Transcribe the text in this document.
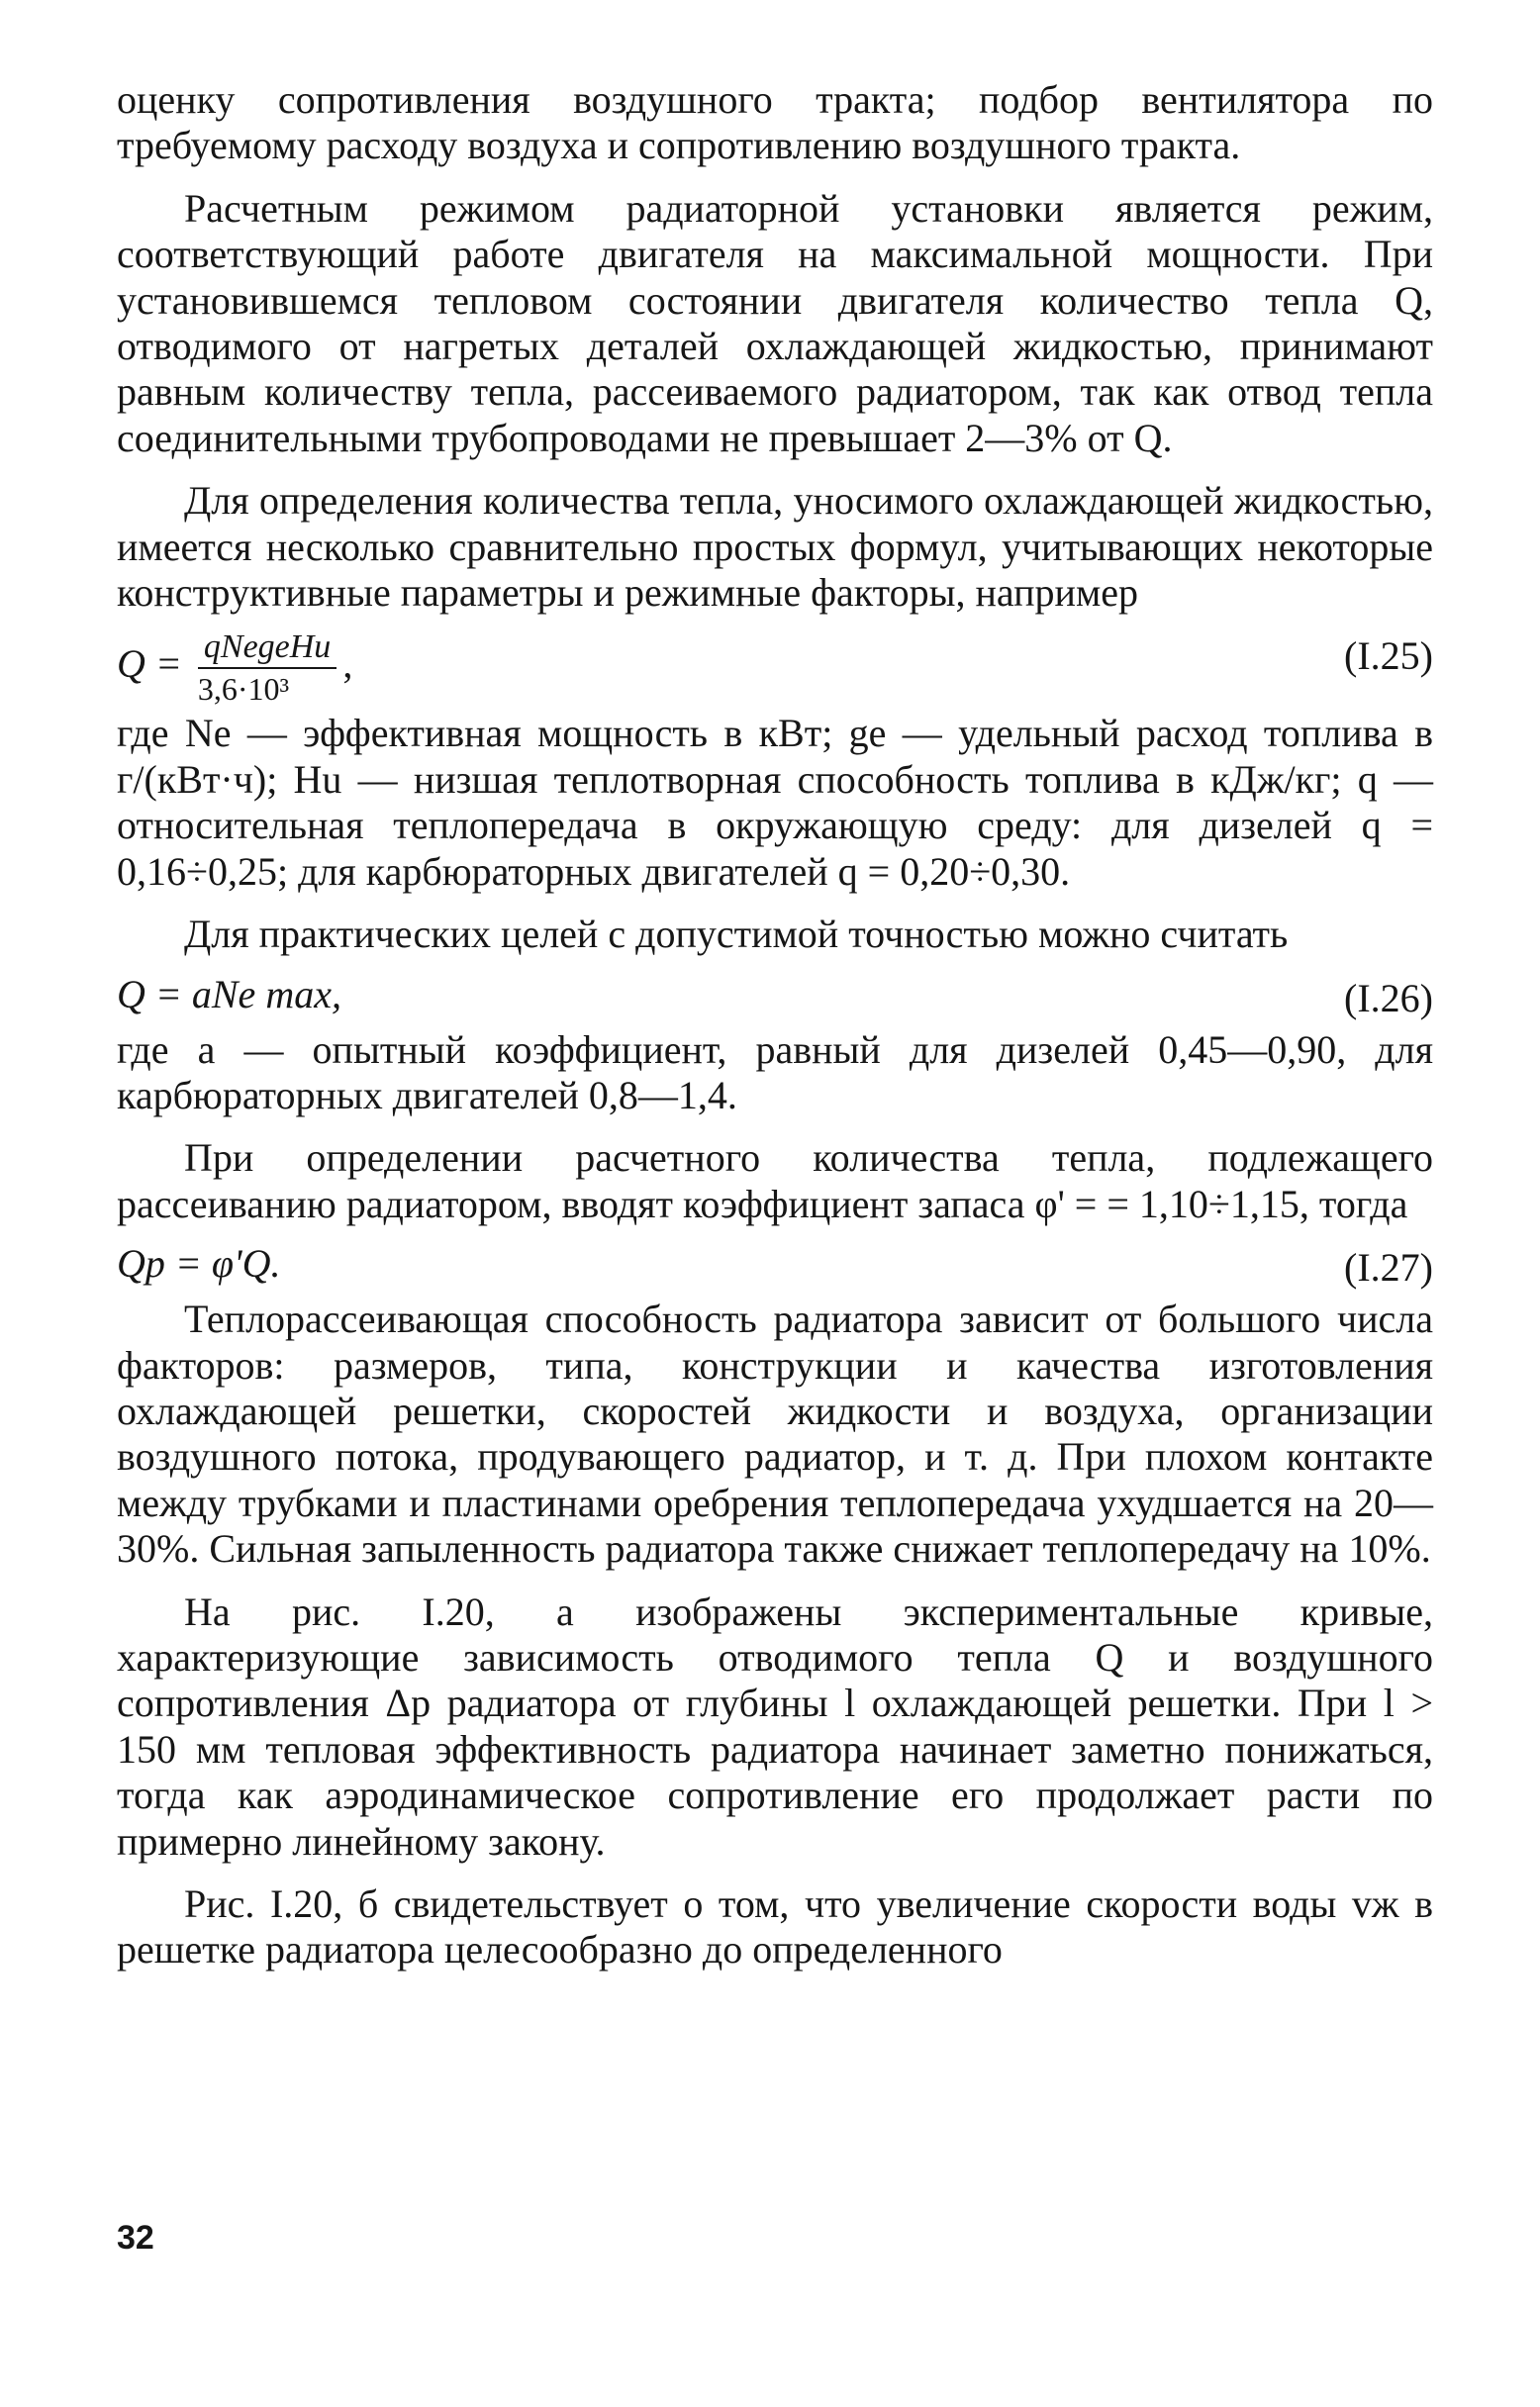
оценку сопротивления воздушного тракта; подбор вентилятора по требуемому расходу воздуха и сопротивлению воздушного тракта.

Расчетным режимом радиаторной установки является режим, соответствующий работе двигателя на максимальной мощности. При установившемся тепловом состоянии двигателя количество тепла Q, отводимого от нагретых деталей охлаждающей жидкостью, принимают равным количеству тепла, рассеиваемого радиатором, так как отвод тепла соединительными трубопроводами не превышает 2—3% от Q.

Для определения количества тепла, уносимого охлаждающей жидкостью, имеется несколько сравнительно простых формул, учитывающих некоторые конструктивные параметры и режимные факторы, например

$Q = \frac{\text{qNegeHu}}{\text{3,6·10³}}$ ,	(I.25)

где Ne — эффективная мощность в кВт; ge — удельный расход топлива в г/(кВт·ч); Hu — низшая теплотворная способность топлива в кДж/кг; q — относительная теплопередача в окружающую среду: для дизелей q = 0,16÷0,25; для карбюраторных двигателей q = 0,20÷0,30.

Для практических целей с допустимой точностью можно считать

Q = aNe max,	(I.26)

где a — опытный коэффициент, равный для дизелей 0,45—0,90, для карбюраторных двигателей 0,8—1,4.

При определении расчетного количества тепла, подлежащего рассеиванию радиатором, вводят коэффициент запаса φ' = = 1,10÷1,15, тогда

Qp = φ'Q.	(I.27)

Теплорассеивающая способность радиатора зависит от большого числа факторов: размеров, типа, конструкции и качества изготовления охлаждающей решетки, скоростей жидкости и воздуха, организации воздушного потока, продувающего радиатор, и т. д. При плохом контакте между трубками и пластинами оребрения теплопередача ухудшается на 20—30%. Сильная запыленность радиатора также снижает теплопередачу на 10%.

На рис. I.20, а изображены экспериментальные кривые, характеризующие зависимость отводимого тепла Q и воздушного сопротивления Δp радиатора от глубины l охлаждающей решетки. При l > 150 мм тепловая эффективность радиатора начинает заметно понижаться, тогда как аэродинамическое сопротивление его продолжает расти по примерно линейному закону.

Рис. I.20, б свидетельствует о том, что увеличение скорости воды vж в решетке радиатора целесообразно до определенного

32
